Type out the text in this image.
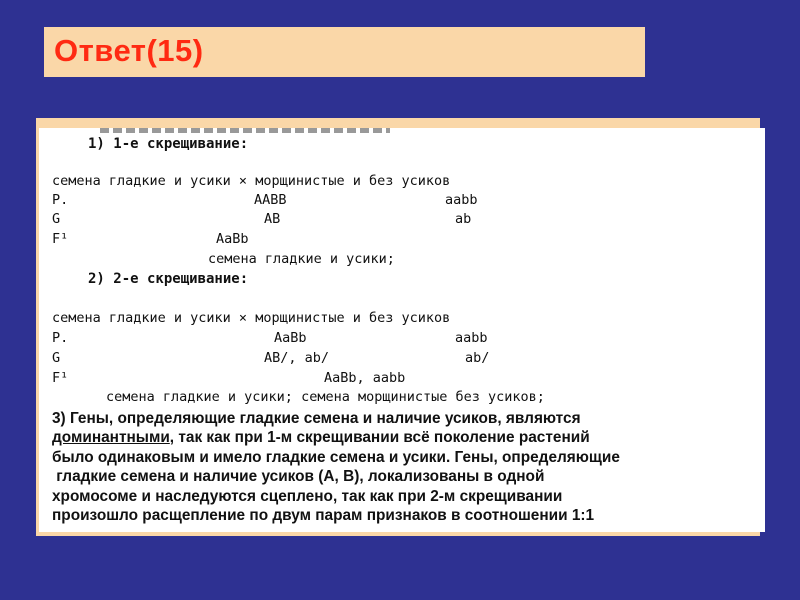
Ответ(15)
1) 1-е скрещивание:
семена гладкие и усики × морщинистые и без усиков
P.	AABB	aabb
G	AB	ab
F¹	AaBb
семена гладкие и усики;
2) 2-е скрещивание:
семена гладкие и усики × морщинистые и без усиков
P.	AaBb	aabb
G	AB/, ab/	ab/
F¹	AaBb, aabb
семена гладкие и усики; семена морщинистые без усиков;
3) Гены, определяющие гладкие семена и наличие усиков, являются
доминантными, так как при 1-м скрещивании всё поколение растений
было одинаковым и имело гладкие семена и усики. Гены, определяющие
гладкие семена и наличие усиков (А, В), локализованы в одной
хромосоме и наследуются сцеплено, так как при 2-м скрещивании
произошло расщепление по двум парам признаков в соотношении 1:1
